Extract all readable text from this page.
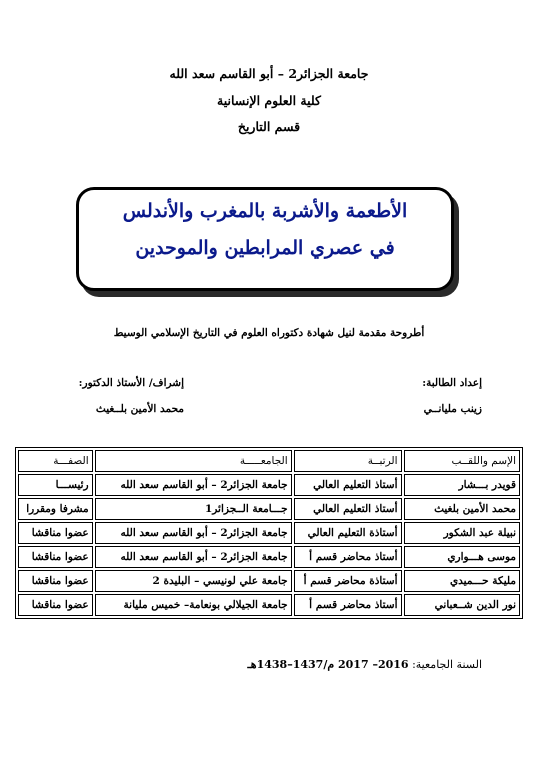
جامعة الجزائر2 – أبو القاسم سعد الله
كلية العلوم الإنسانية
قسم التاريخ
الأطعمة والأشربة بالمغرب والأندلس
في عصري المرابطين والموحدين
أطروحة مقدمة لنيل شهادة دكتوراه العلوم في التاريخ الإسلامي الوسيط
إعداد الطالبة:
زينب مليانــي
إشراف/ الأستاذ الدكتور:
محمد الأمين بلــغيث
الإسم واللقــب	الرتبــة	الجامعـــــة	الصفـــة
قويدر بـــشار	أستاذ التعليم العالي	جامعة الجزائر2 – أبو القاسم سعد الله	رئيســـا
محمد الأمين بلغيث	أستاذ التعليم العالي	جـــامعة الــجزائر1	مشرفا ومقررا
نبيلة عبد الشكور	أستاذة التعليم العالي	جامعة الجزائر2 – أبو القاسم سعد الله	عضوا مناقشا
موسى هـــواري	أستاذ محاضر قسم أ	جامعة الجزائر2 – أبو القاسم سعد الله	عضوا مناقشا
مليكة حـــميدي	أستاذة محاضر قسم أ	جامعة علي لونيسي – البليدة 2	عضوا مناقشا
نور الدين شــعباني	أستاذ محاضر قسم أ	جامعة الجيلالي بونعامة– خميس مليانة	عضوا مناقشا
السنة الجامعية: 2016– 2017 م/1437–1438هـ
